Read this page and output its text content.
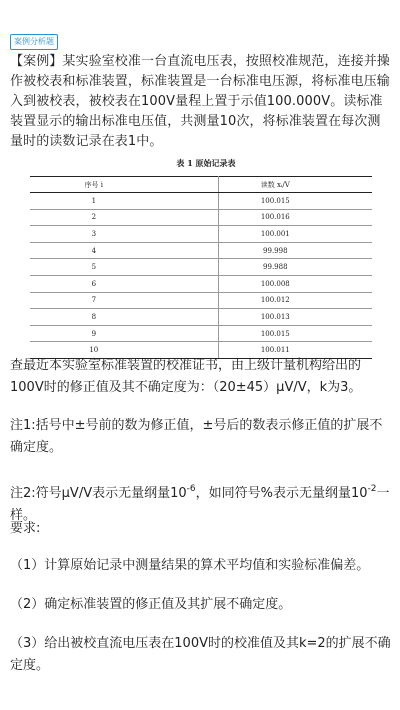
案例分析题

【案例】某实验室校准一台直流电压表，按照校准规范，连接并操作被校表和标准装置，标准装置是一台标准电压源，将标准电压输入到被校表，被校表在100V量程上置于示值100.000V。读标准装置显示的输出标准电压值，共测量10次，将标准装置在每次测量时的读数记录在表1中。

表 1 原始记录表
序号 i	读数 xᵢ/V
1	100.015
2	100.016
3	100.001
4	99.998
5	99.988
6	100.008
7	100.012
8	100.013
9	100.015
10	100.011

查最近本实验室标准装置的校准证书，由上级计量机构给出的100V时的修正值及其不确定度为：（20±45）μV/V，k为3。

注1:括号中±号前的数为修正值，±号后的数表示修正值的扩展不确定度。

注2:符号μV/V表示无量纲量$10^{-6}$，如同符号%表示无量纲量$10^{-2}$一样。

要求:

（1）计算原始记录中测量结果的算术平均值和实验标准偏差。

（2）确定标准装置的修正值及其扩展不确定度。

（3）给出被校直流电压表在100V时的校准值及其k=2的扩展不确定度。
